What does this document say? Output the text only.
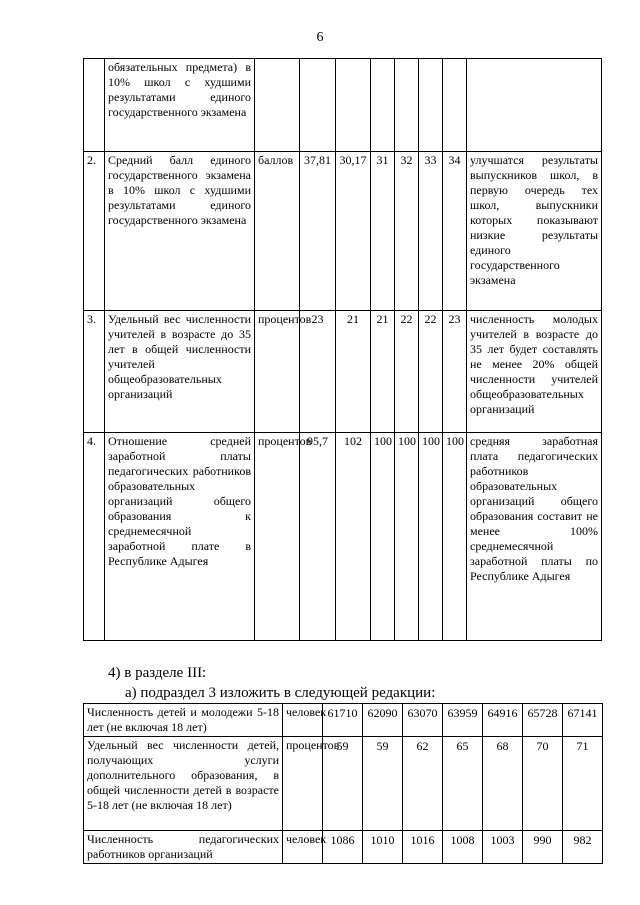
6
	обязательных предмета) в 10% школ с худшими результатами единого государственного экзамена								
2.	Средний балл единого государственного экзамена в 10% школ с худшими результатами единого государственного экзамена	баллов	37,81	30,17	31	32	33	34	улучшатся результаты выпускников школ, в первую очередь тех школ, выпускники которых показывают низкие результаты единого государственного экзамена
3.	Удельный вес численности учителей в возрасте до 35 лет в общей численности учителей общеобразовательных организаций	процентов	23	21	21	22	22	23	численность молодых учителей в возрасте до 35 лет будет составлять не менее 20% общей численности учителей общеобразовательных организаций
4.	Отношение средней заработной платы педагогических работников образовательных организаций общего образования к среднемесячной заработной плате в Республике Адыгея	процентов	95,7	102	100	100	100	100	средняя заработная плата педагогических работников образовательных организаций общего образования составит не менее 100% среднемесячной заработной платы по Республике Адыгея
4) в разделе III:
а) подраздел 3 изложить в следующей редакции:
Численность детей и молодежи 5-18 лет (не включая 18 лет)	человек	61710	62090	63070	63959	64916	65728	67141
Удельный вес численности детей, получающих услуги дополнительного образования, в общей численности детей в возрасте 5-18 лет (не включая 18 лет)	процентов	59	59	62	65	68	70	71
Численность педагогических работников организаций	человек	1086	1010	1016	1008	1003	990	982
